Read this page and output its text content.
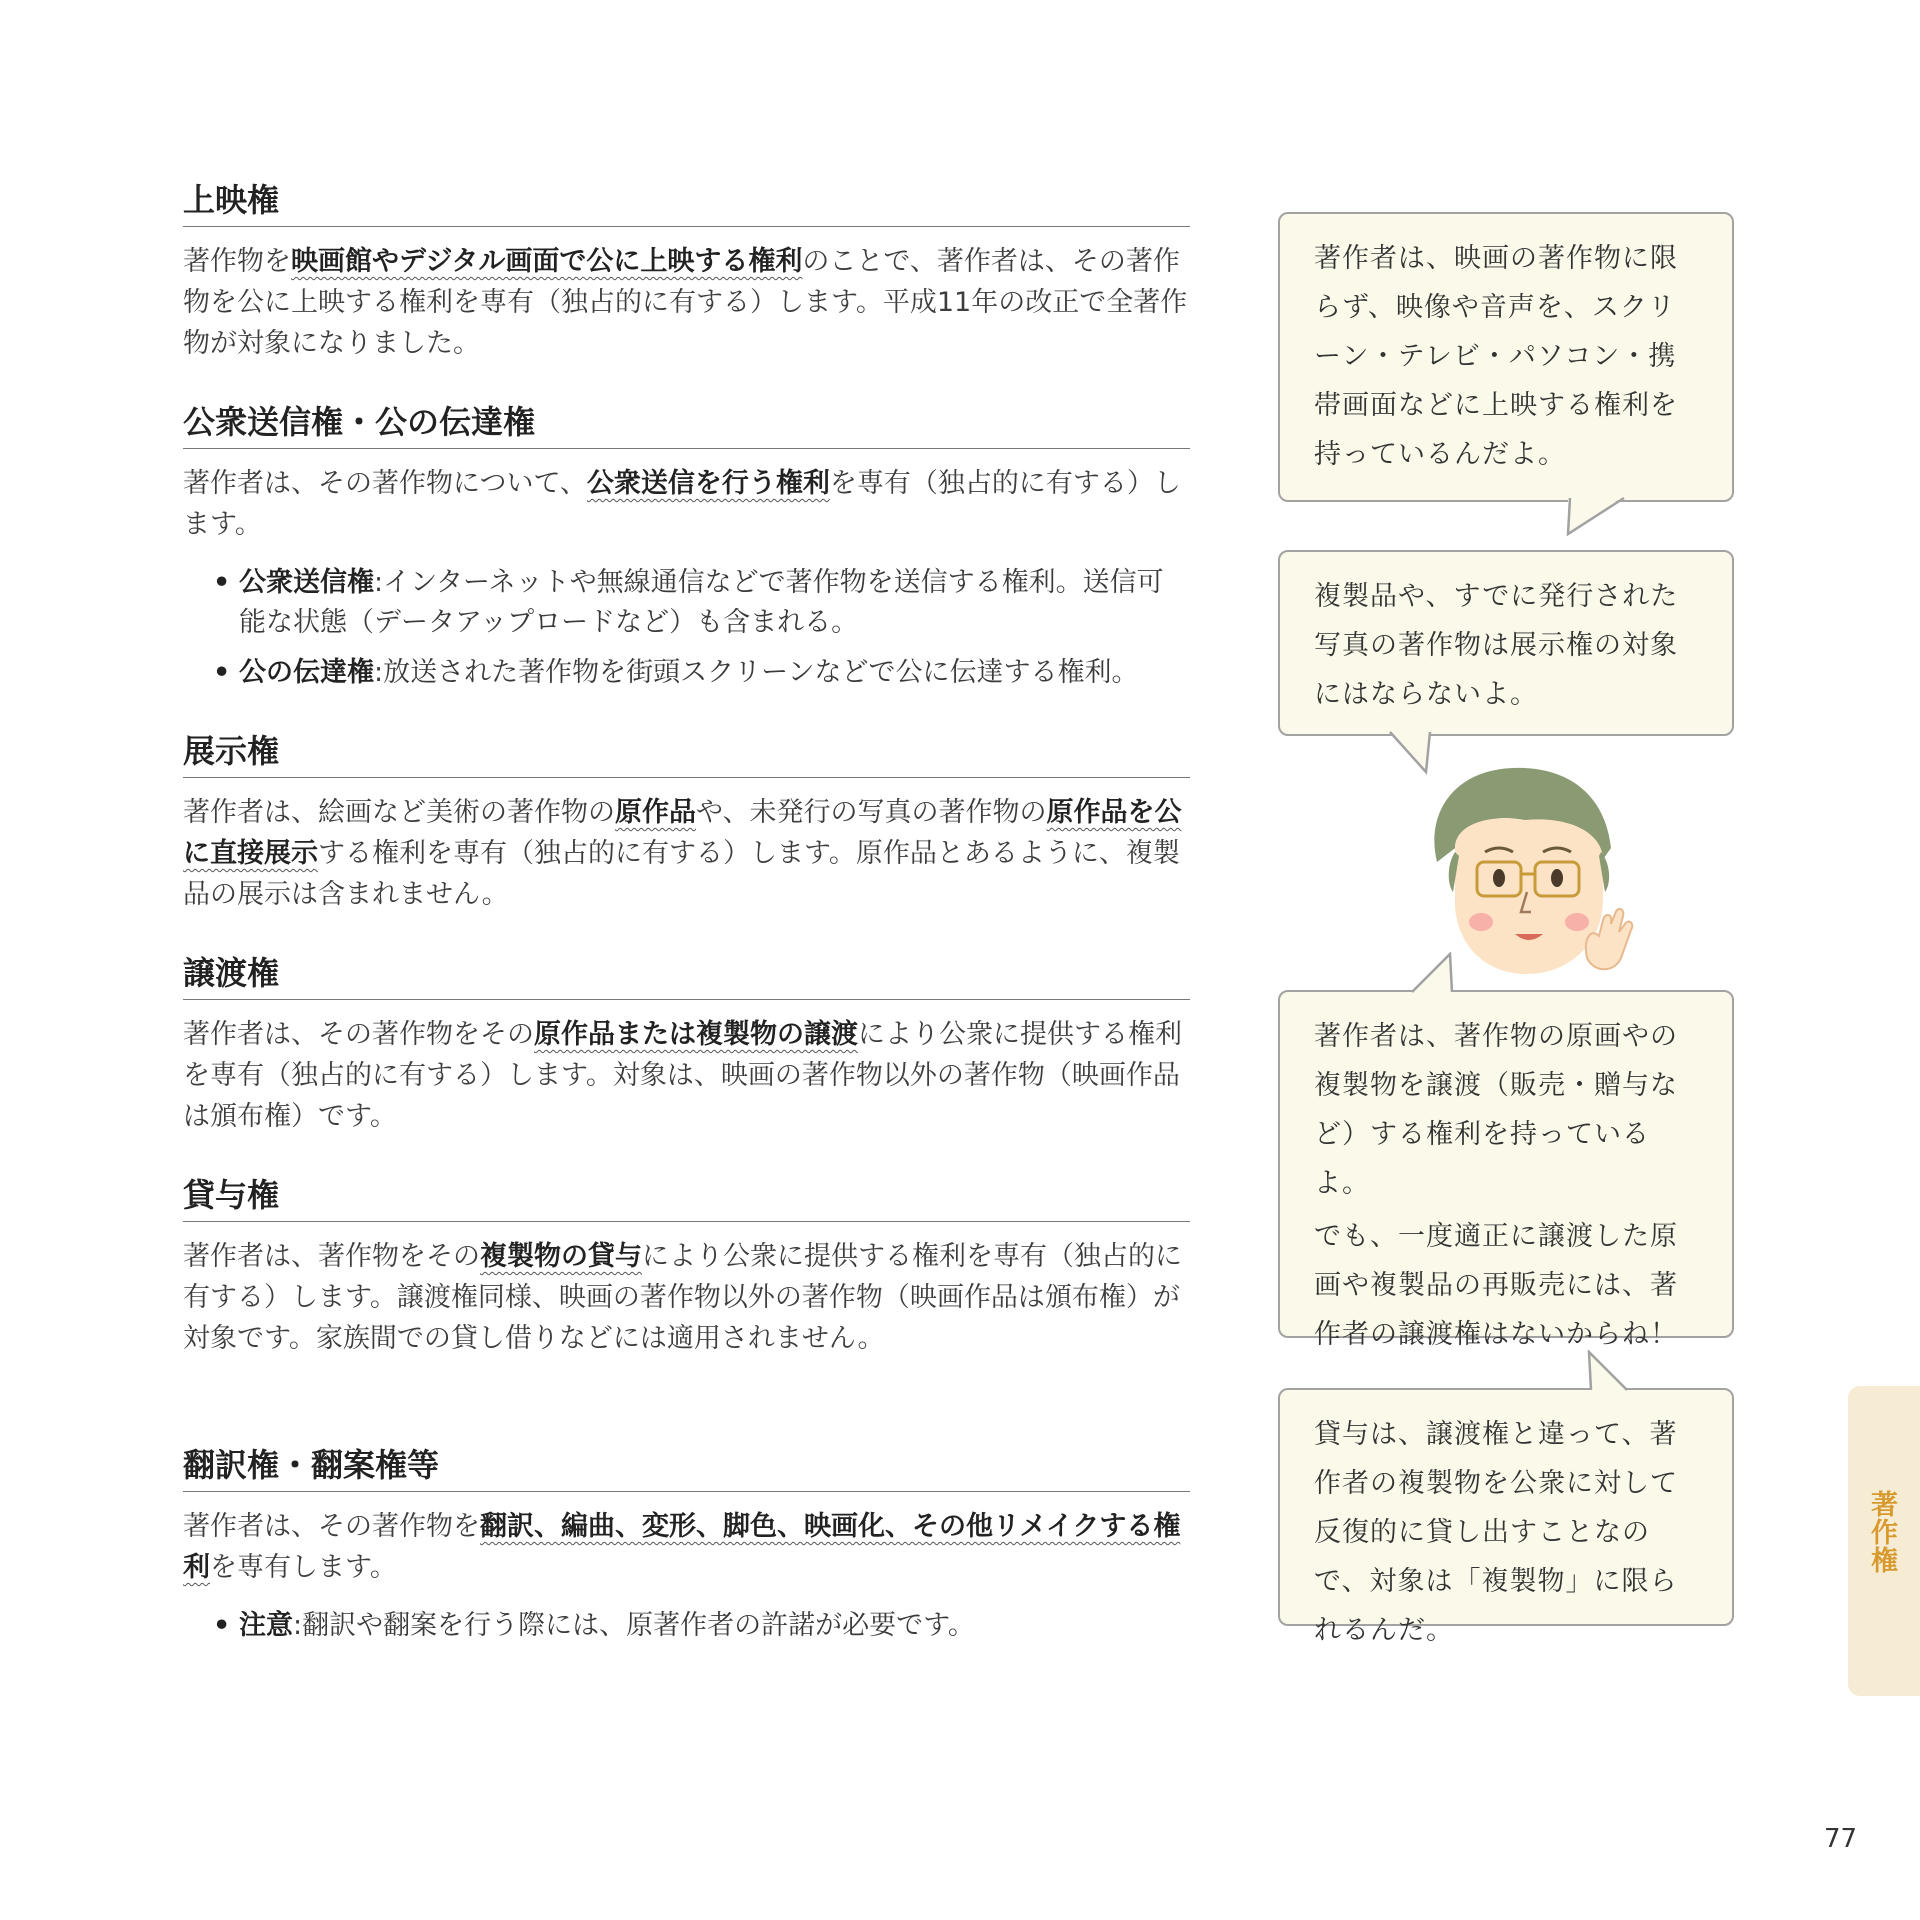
上映権

著作物を映画館やデジタル画面で公に上映する権利のことで、著作者は、その著作物を公に上映する権利を専有（独占的に有する）します。平成11年の改正で全著作物が対象になりました。

公衆送信権・公の伝達権

著作者は、その著作物について、公衆送信を行う権利を専有（独占的に有する）します。

• 公衆送信権:インターネットや無線通信などで著作物を送信する権利。送信可能な状態（データアップロードなど）も含まれる。
• 公の伝達権:放送された著作物を街頭スクリーンなどで公に伝達する権利。
展示権

著作者は、絵画など美術の著作物の原作品や、未発行の写真の著作物の原作品を公に直接展示する権利を専有（独占的に有する）します。原作品とあるように、複製品の展示は含まれません。

譲渡権

著作者は、その著作物をその原作品または複製物の譲渡により公衆に提供する権利を専有（独占的に有する）します。対象は、映画の著作物以外の著作物（映画作品は頒布権）です。

貸与権

著作者は、著作物をその複製物の貸与により公衆に提供する権利を専有（独占的に有する）します。譲渡権同様、映画の著作物以外の著作物（映画作品は頒布権）が対象です。家族間での貸し借りなどには適用されません。

翻訳権・翻案権等

著作者は、その著作物を翻訳、編曲、変形、脚色、映画化、その他リメイクする権利を専有します。

• 注意:翻訳や翻案を行う際には、原著作者の許諾が必要です。

著作者は、映画の著作物に限らず、映像や音声を、スクリーン・テレビ・パソコン・携帯画面などに上映する権利を持っているんだよ。

複製品や、すでに発行された写真の著作物は展示権の対象にはならないよ。

著作者は、著作物の原画やの複製物を譲渡（販売・贈与など）する権利を持っているよ。

でも、一度適正に譲渡した原画や複製品の再販売には、著作者の譲渡権はないからね！

貸与は、譲渡権と違って、著作者の複製物を公衆に対して反復的に貸し出すことなので、対象は「複製物」に限られるんだ。

著作権
77
